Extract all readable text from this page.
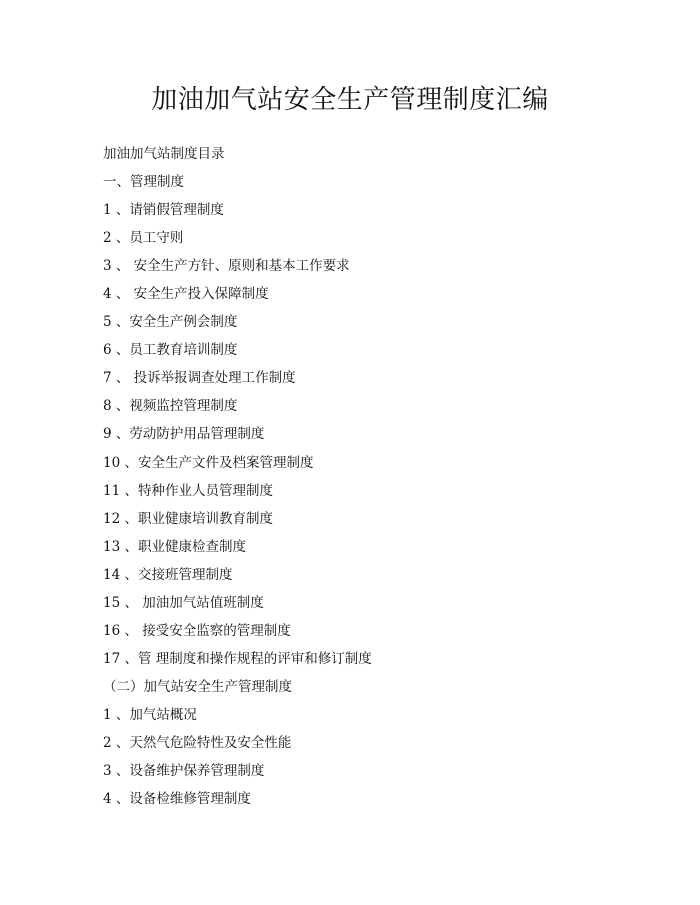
加油加气站安全生产管理制度汇编

加油加气站制度目录

一、管理制度

1 、请销假管理制度

2 、员工守则

3 、 安全生产方针、原则和基本工作要求

4 、 安全生产投入保障制度

5 、安全生产例会制度

6 、员工教育培训制度

7 、 投诉举报调查处理工作制度

8 、视频监控管理制度

9 、劳动防护用品管理制度

10 、安全生产文件及档案管理制度

11 、特种作业人员管理制度

12 、职业健康培训教育制度

13 、职业健康检查制度

14 、交接班管理制度

15 、 加油加气站值班制度

16 、 接受安全监察的管理制度

17 、管 理制度和操作规程的评审和修订制度

（二）加气站安全生产管理制度

1 、加气站概况

2 、天然气危险特性及安全性能

3 、设备维护保养管理制度

4 、设备检维修管理制度
